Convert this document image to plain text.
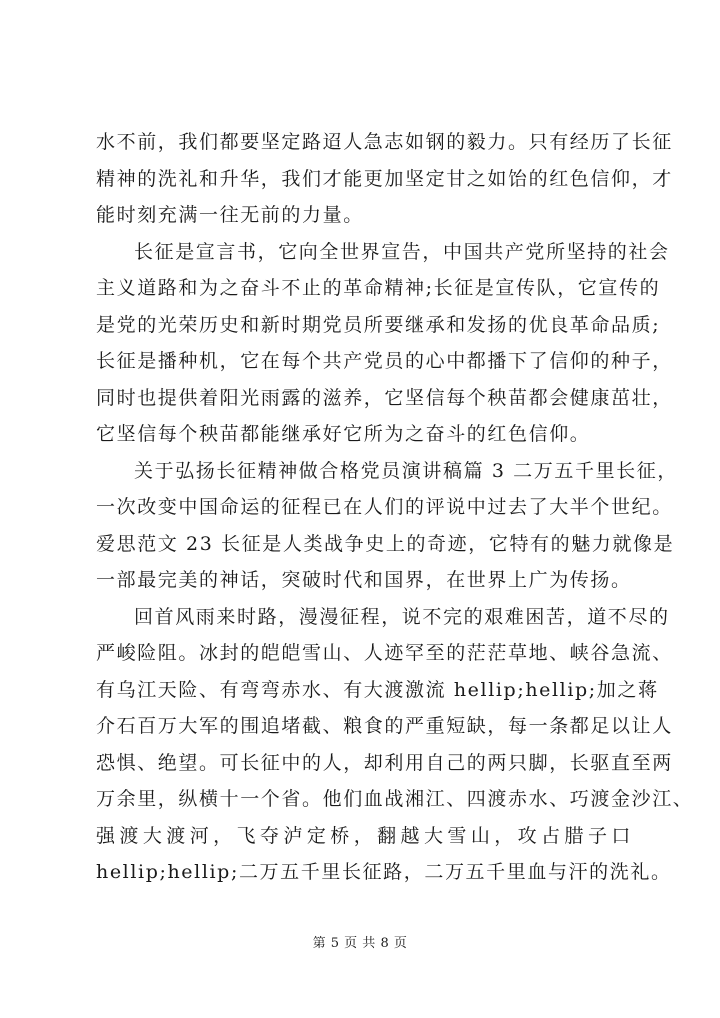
水不前，我们都要坚定路迢人急志如钢的毅力。只有经历了长征
精神的洗礼和升华，我们才能更加坚定甘之如饴的红色信仰，才
能时刻充满一往无前的力量。
长征是宣言书，它向全世界宣告，中国共产党所坚持的社会
主义道路和为之奋斗不止的革命精神;长征是宣传队，它宣传的
是党的光荣历史和新时期党员所要继承和发扬的优良革命品质;
长征是播种机，它在每个共产党员的心中都播下了信仰的种子，
同时也提供着阳光雨露的滋养，它坚信每个秧苗都会健康茁壮，
它坚信每个秧苗都能继承好它所为之奋斗的红色信仰。
关于弘扬长征精神做合格党员演讲稿篇 3 二万五千里长征，
一次改变中国命运的征程已在人们的评说中过去了大半个世纪。
爱思范文 23 长征是人类战争史上的奇迹，它特有的魅力就像是
一部最完美的神话，突破时代和国界，在世界上广为传扬。
回首风雨来时路，漫漫征程，说不完的艰难困苦，道不尽的
严峻险阻。冰封的皑皑雪山、人迹罕至的茫茫草地、峡谷急流、
有乌江天险、有弯弯赤水、有大渡激流 hellip;hellip;加之蒋
介石百万大军的围追堵截、粮食的严重短缺，每一条都足以让人
恐惧、绝望。可长征中的人，却利用自己的两只脚，长驱直至两
万余里，纵横十一个省。他们血战湘江、四渡赤水、巧渡金沙江、
强渡大渡河，飞夺泸定桥，翻越大雪山，攻占腊子口
hellip;hellip;二万五千里长征路，二万五千里血与汗的洗礼。
第 5 页 共 8 页
